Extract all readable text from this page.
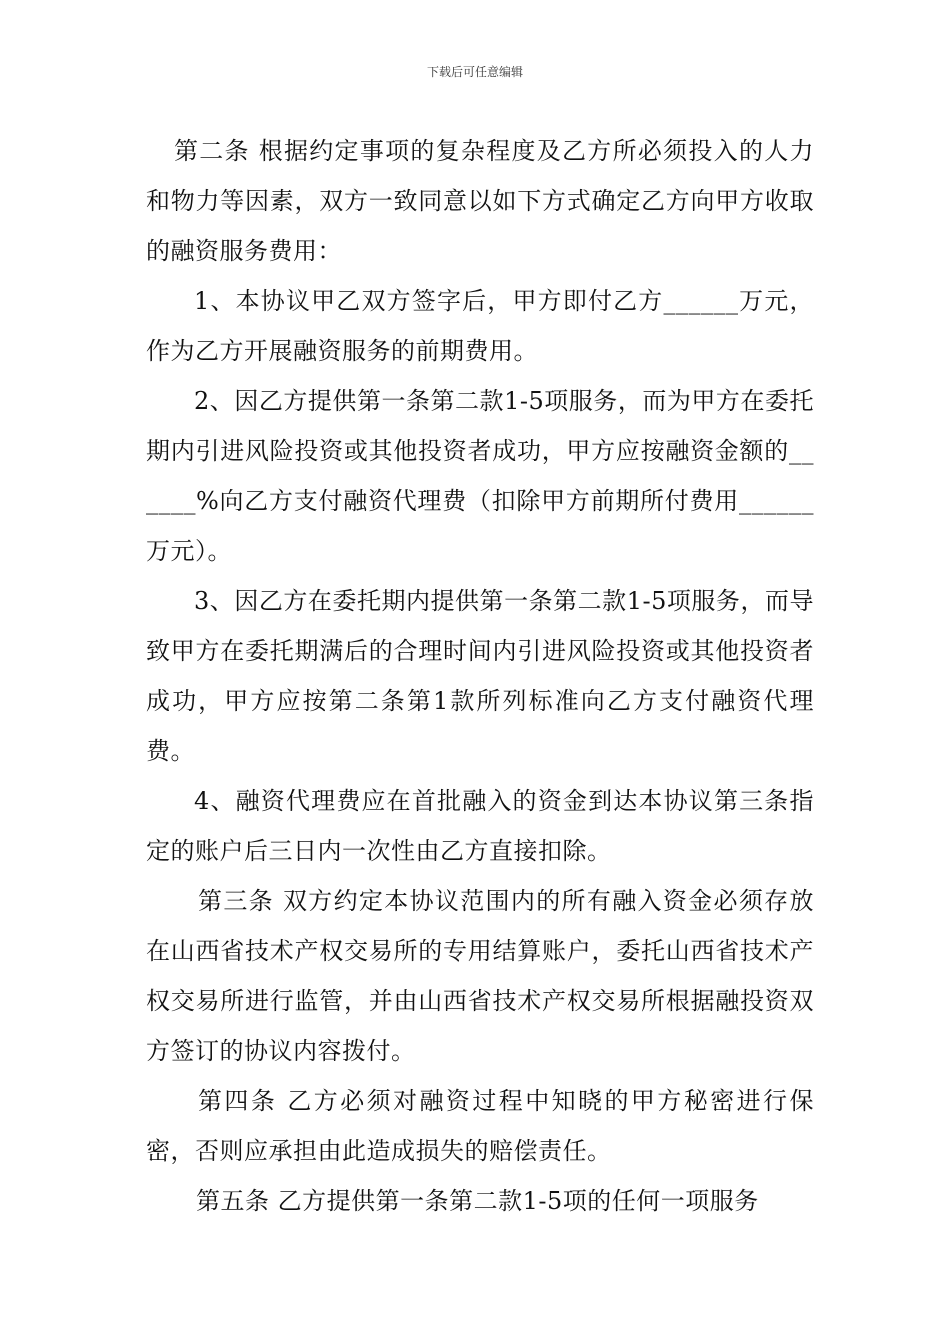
下载后可任意编辑

第二条 根据约定事项的复杂程度及乙方所必须投入的人力和物力等因素，双方一致同意以如下方式确定乙方向甲方收取的融资服务费用：

1、本协议甲乙双方签字后，甲方即付乙方______万元，作为乙方开展融资服务的前期费用。

2、因乙方提供第一条第二款1-5项服务，而为甲方在委托期内引进风险投资或其他投资者成功，甲方应按融资金额的______%向乙方支付融资代理费（扣除甲方前期所付费用______万元）。

3、因乙方在委托期内提供第一条第二款1-5项服务，而导致甲方在委托期满后的合理时间内引进风险投资或其他投资者成功，甲方应按第二条第1款所列标准向乙方支付融资代理费。

4、融资代理费应在首批融入的资金到达本协议第三条指定的账户后三日内一次性由乙方直接扣除。

第三条 双方约定本协议范围内的所有融入资金必须存放在山西省技术产权交易所的专用结算账户，委托山西省技术产权交易所进行监管，并由山西省技术产权交易所根据融投资双方签订的协议内容拨付。

第四条 乙方必须对融资过程中知晓的甲方秘密进行保密，否则应承担由此造成损失的赔偿责任。

第五条 乙方提供第一条第二款1-5项的任何一项服务
